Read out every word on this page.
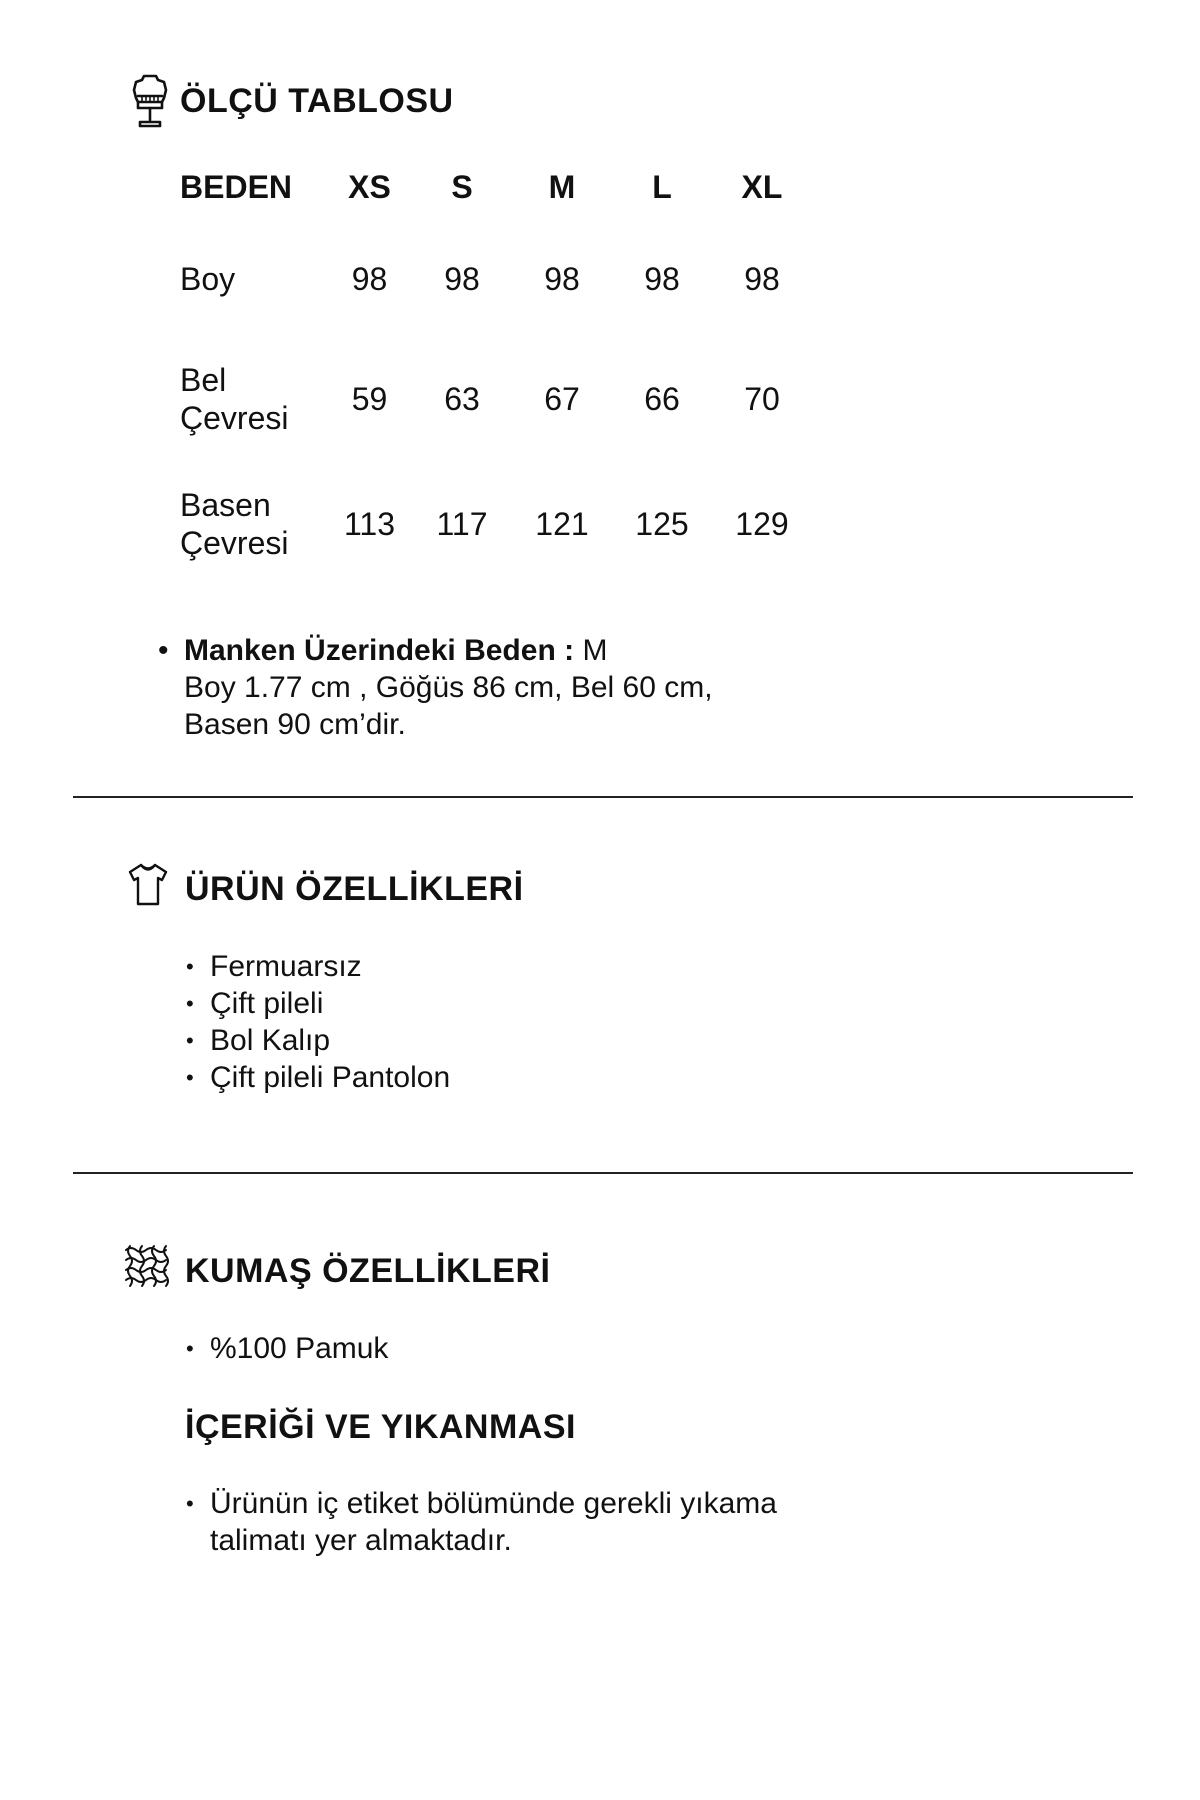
ÖLÇÜ TABLOSU
BEDEN	XS	S	M	L	XL

Boy	98	98	98	98	98

Bel
Çevresi	59	63	67	66	70

Basen
Çevresi	113	117	121	125	129
• Manken Üzerindeki Beden : M
Boy 1.77 cm , Göğüs 86 cm, Bel 60 cm,
Basen 90 cm’dir.
ÜRÜN ÖZELLİKLERİ
• Fermuarsız
• Çift pileli
• Bol Kalıp
• Çift pileli Pantolon
KUMAŞ ÖZELLİKLERİ
• %100 Pamuk
İÇERİĞİ VE YIKANMASI
• Ürünün iç etiket bölümünde gerekli yıkama talimatı yer almaktadır.
